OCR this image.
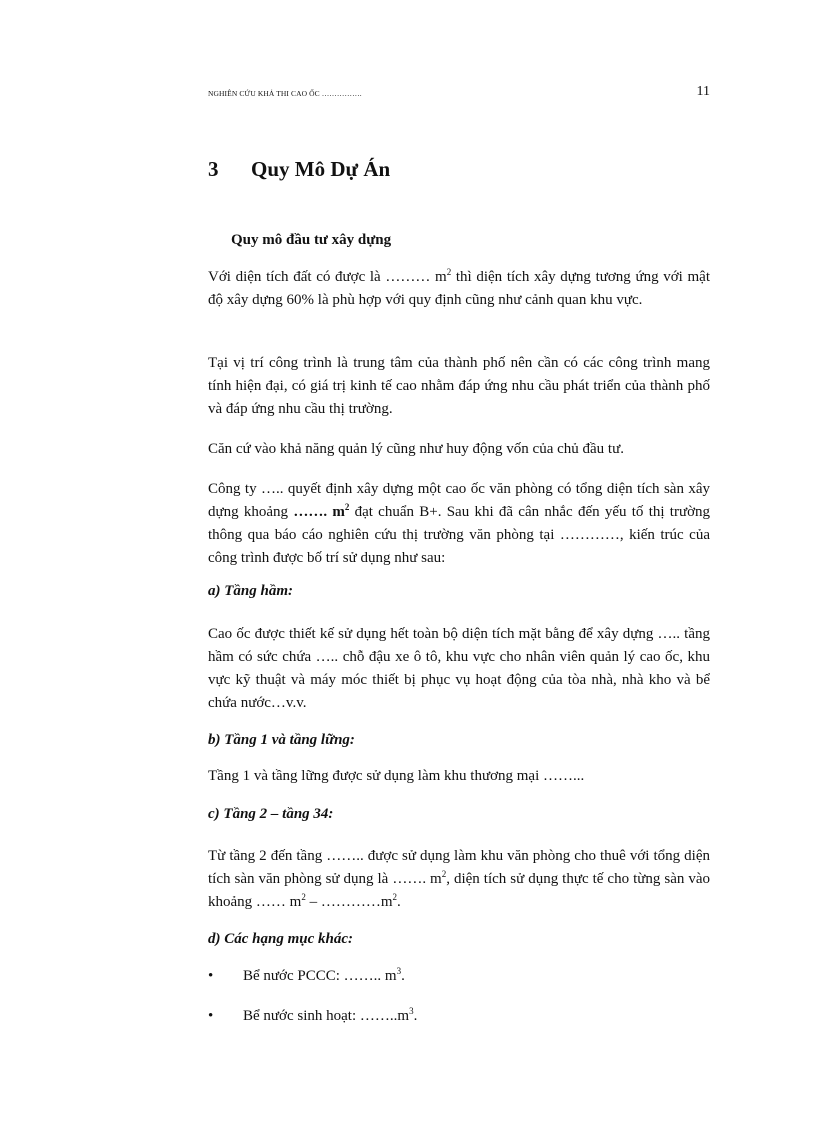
NGHIÊN CỨU KHẢ THI CAO ỐC …………….	11
3 Quy Mô Dự Án
Quy mô đầu tư xây dựng

Với diện tích đất có được là ……… $m^2$ thì diện tích xây dựng tương ứng với mật độ xây dựng 60% là phù hợp với quy định cũng như cảnh quan khu vực.

Tại vị trí công trình là trung tâm của thành phố nên cần có các công trình mang tính hiện đại, có giá trị kinh tế cao nhằm đáp ứng nhu cầu phát triển của thành phố và đáp ứng nhu cầu thị trường.

Căn cứ vào khả năng quản lý cũng như huy động vốn của chủ đầu tư.

Công ty ….. quyết định xây dựng một cao ốc văn phòng có tổng diện tích sàn xây dựng khoảng ……. $m^2$ đạt chuẩn B+. Sau khi đã cân nhắc đến yếu tố thị trường thông qua báo cáo nghiên cứu thị trường văn phòng tại …………, kiến trúc của công trình được bố trí sử dụng như sau:

a) Tầng hầm:

Cao ốc được thiết kế sử dụng hết toàn bộ diện tích mặt bằng để xây dựng ….. tầng hầm có sức chứa ….. chỗ đậu xe ô tô, khu vực cho nhân viên quản lý cao ốc, khu vực kỹ thuật và máy móc thiết bị phục vụ hoạt động của tòa nhà, nhà kho và bể chứa nước…v.v.

b) Tầng 1 và tầng lững:

Tầng 1 và tầng lững được sử dụng làm khu thương mại ……...

c) Tầng 2 – tầng 34:

Từ tầng 2 đến tầng …….. được sử dụng làm khu văn phòng cho thuê với tổng diện tích sàn văn phòng sử dụng là ……. $m^2$, diện tích sử dụng thực tế cho từng sàn vào khoảng …… $m^2$ – $\dots\dots\dots\dots m^2$.

d) Các hạng mục khác:
• Bể nước PCCC: …….. $m^3$.
• Bể nước sinh hoạt: $\dots\dots..m^3$.
